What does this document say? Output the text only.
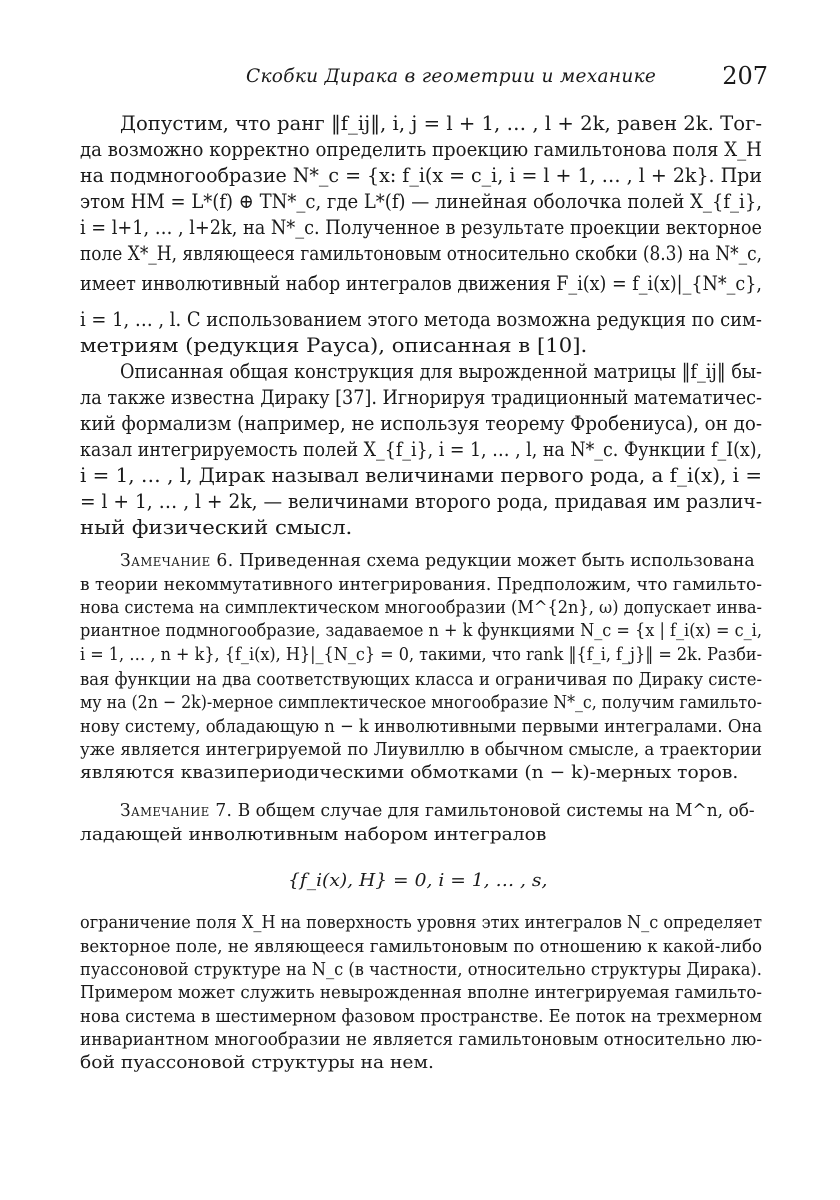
Скобки Дирака в геометрии и механике	207
Допустим, что ранг ‖f_ij‖, i, j = l + 1, … , l + 2k, равен 2k. Тог-
да возможно корректно определить проекцию гамильтонова поля X_H
на подмногообразие N*_c = {x: f_i(x = c_i, i = l + 1, … , l + 2k}. При
этом HM = L*(f) ⊕ TN*_c, где L*(f) — линейная оболочка полей X_{f_i},
i = l+1, … , l+2k, на N*_c. Полученное в результате проекции векторное
поле X*_H, являющееся гамильтоновым относительно скобки (8.3) на N*_c,
имеет инволютивный набор интегралов движения F_i(x) = f_i(x)|_{N*_c},
i = 1, … , l. С использованием этого метода возможна редукция по сим-
метриям (редукция Рауса), описанная в [10].
Описанная общая конструкция для вырожденной матрицы ‖f_ij‖ бы-
ла также известна Дираку [37]. Игнорируя традиционный математичес-
кий формализм (например, не используя теорему Фробениуса), он до-
казал интегрируемость полей X_{f_i}, i = 1, … , l, на N*_c. Функции f_I(x),
i = 1, … , l, Дирак называл величинами первого рода, а f_i(x), i =
= l + 1, … , l + 2k, — величинами второго рода, придавая им различ-
ный физический смысл.
Замечание 6. Приведенная схема редукции может быть использована
в теории некоммутативного интегрирования. Предположим, что гамильто-
нова система на симплектическом многообразии (M^{2n}, ω) допускает инва-
риантное подмногообразие, задаваемое n + k функциями N_c = {x | f_i(x) = c_i,
i = 1, … , n + k}, {f_i(x), H}|_{N_c} = 0, такими, что rank ‖{f_i, f_j}‖ = 2k. Разби-
вая функции на два соответствующих класса и ограничивая по Дираку систе-
му на (2n − 2k)-мерное симплектическое многообразие N*_c, получим гамильто-
нову систему, обладающую n − k инволютивными первыми интегралами. Она
уже является интегрируемой по Лиувиллю в обычном смысле, а траектории
являются квазипериодическими обмотками (n − k)-мерных торов.
Замечание 7. В общем случае для гамильтоновой системы на M^n, об-
ладающей инволютивным набором интегралов
{f_i(x), H} = 0, i = 1, … , s,
ограничение поля X_H на поверхность уровня этих интегралов N_c определяет
векторное поле, не являющееся гамильтоновым по отношению к какой-либо
пуассоновой структуре на N_c (в частности, относительно структуры Дирака).
Примером может служить невырожденная вполне интегрируемая гамильто-
нова система в шестимерном фазовом пространстве. Ее поток на трехмерном
инвариантном многообразии не является гамильтоновым относительно лю-
бой пуассоновой структуры на нем.
